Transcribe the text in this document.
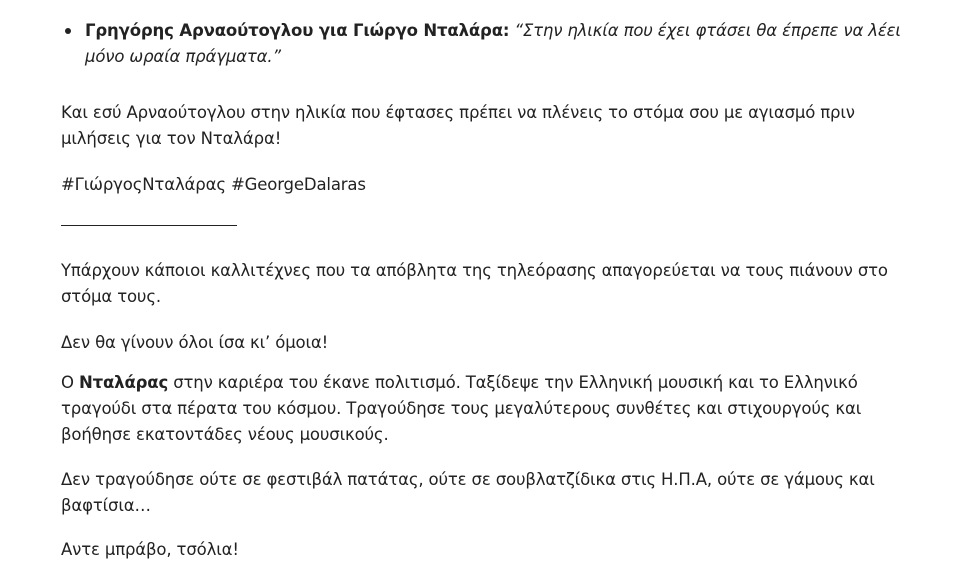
Γρηγόρης Αρναούτογλου για Γιώργο Νταλάρα: “Στην ηλικία που έχει φτάσει θα έπρεπε να λέει μόνο ωραία πράγματα.”

Και εσύ Αρναούτογλου στην ηλικία που έφτασες πρέπει να πλένεις το στόμα σου με αγιασμό πριν μιλήσεις για τον Νταλάρα!

#ΓιώργοςΝταλάρας #GeorgeDalaras

Υπάρχουν κάποιοι καλλιτέχνες που τα απόβλητα της τηλεόρασης απαγορεύεται να τους πιάνουν στο στόμα τους.

Δεν θα γίνουν όλοι ίσα κι’ όμοια!

Ο Νταλάρας στην καριέρα του έκανε πολιτισμό. Ταξίδεψε την Ελληνική μουσική και το Ελληνικό τραγούδι στα πέρατα του κόσμου. Τραγούδησε τους μεγαλύτερους συνθέτες και στιχουργούς και βοήθησε εκατοντάδες νέους μουσικούς.

Δεν τραγούδησε ούτε σε φεστιβάλ πατάτας, ούτε σε σουβλατζίδικα στις Η.Π.Α, ούτε σε γάμους και βαφτίσια…

Αντε μπράβο, τσόλια!
